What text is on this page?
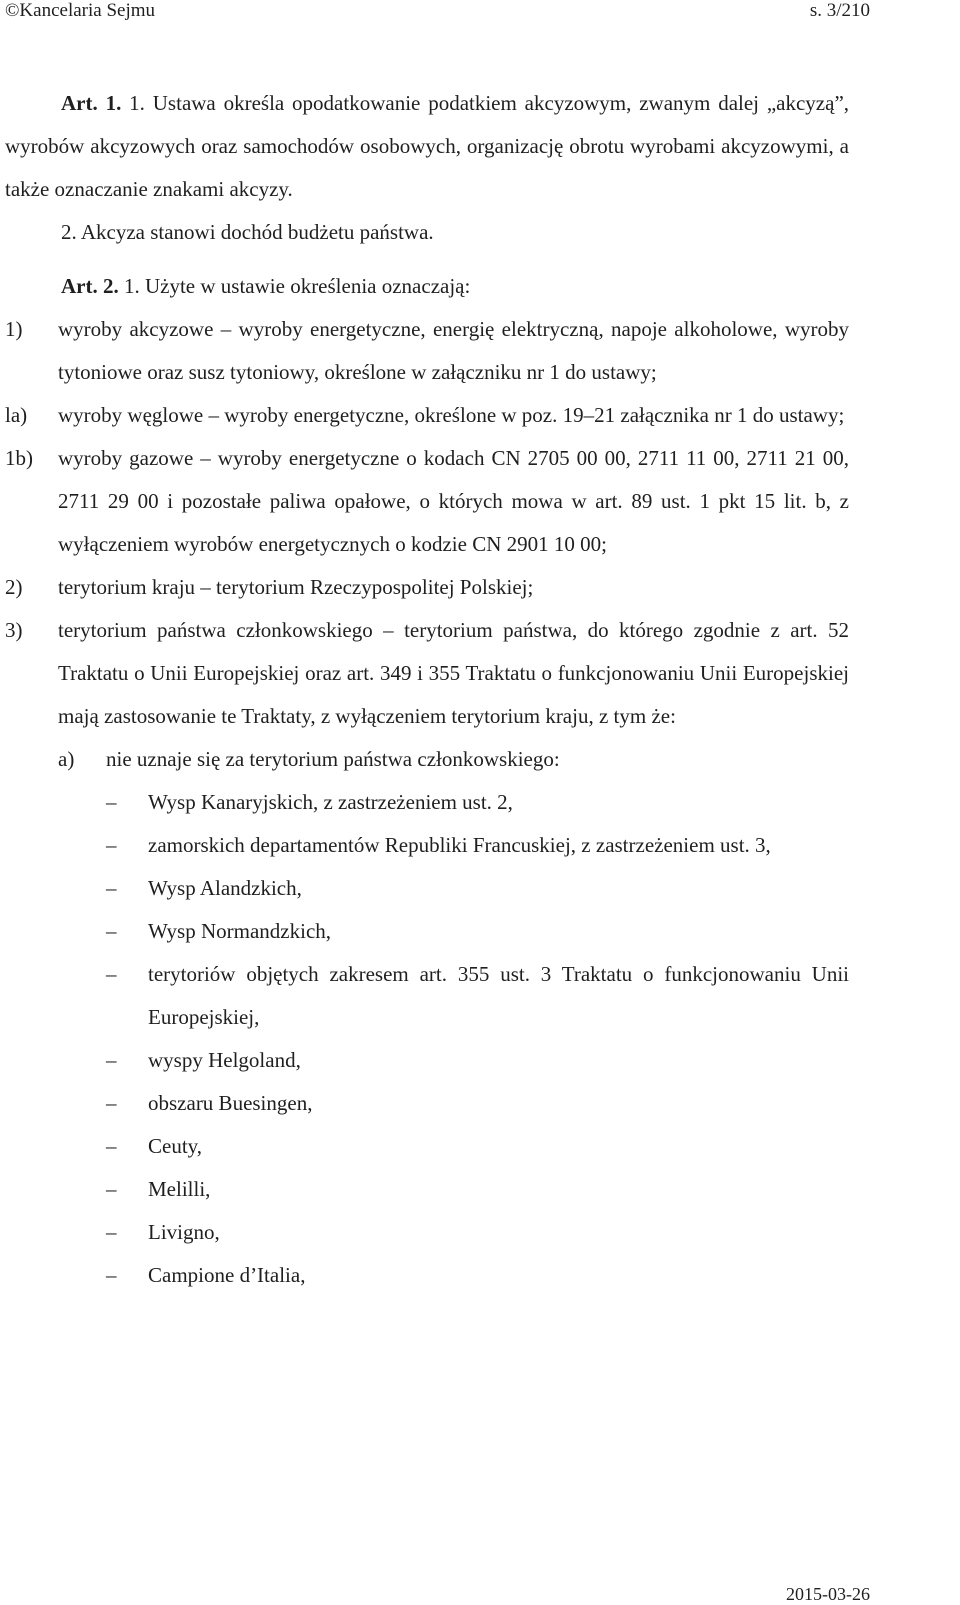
©Kancelaria Sejmu	s. 3/210

Art. 1. 1. Ustawa określa opodatkowanie podatkiem akcyzowym, zwanym dalej „akcyzą”, wyrobów akcyzowych oraz samochodów osobowych, organizację obrotu wyrobami akcyzowymi, a także oznaczanie znakami akcyzy.

2. Akcyza stanowi dochód budżetu państwa.

Art. 2. 1. Użyte w ustawie określenia oznaczają:

1)	wyroby akcyzowe – wyroby energetyczne, energię elektryczną, napoje alkoholowe, wyroby tytoniowe oraz susz tytoniowy, określone w załączniku nr 1 do ustawy;
la)	wyroby węglowe – wyroby energetyczne, określone w poz. 19–21 załącznika nr 1 do ustawy;
1b)	wyroby gazowe – wyroby energetyczne o kodach CN 2705 00 00, 2711 11 00, 2711 21 00, 2711 29 00 i pozostałe paliwa opałowe, o których mowa w art. 89 ust. 1 pkt 15 lit. b, z wyłączeniem wyrobów energetycznych o kodzie CN 2901 10 00;
2)	terytorium kraju – terytorium Rzeczypospolitej Polskiej;
3)	terytorium państwa członkowskiego – terytorium państwa, do którego zgodnie z art. 52 Traktatu o Unii Europejskiej oraz art. 349 i 355 Traktatu o funkcjonowaniu Unii Europejskiej mają zastosowanie te Traktaty, z wyłączeniem terytorium kraju, z tym że:
a)	nie uznaje się za terytorium państwa członkowskiego:
–	Wysp Kanaryjskich, z zastrzeżeniem ust. 2,
–	zamorskich departamentów Republiki Francuskiej, z zastrzeżeniem ust. 3,
–	Wysp Alandzkich,
–	Wysp Normandzkich,
–	terytoriów objętych zakresem art. 355 ust. 3 Traktatu o funkcjonowaniu Unii Europejskiej,
–	wyspy Helgoland,
–	obszaru Buesingen,
–	Ceuty,
–	Melilli,
–	Livigno,
–	Campione d’Italia,
2015-03-26
